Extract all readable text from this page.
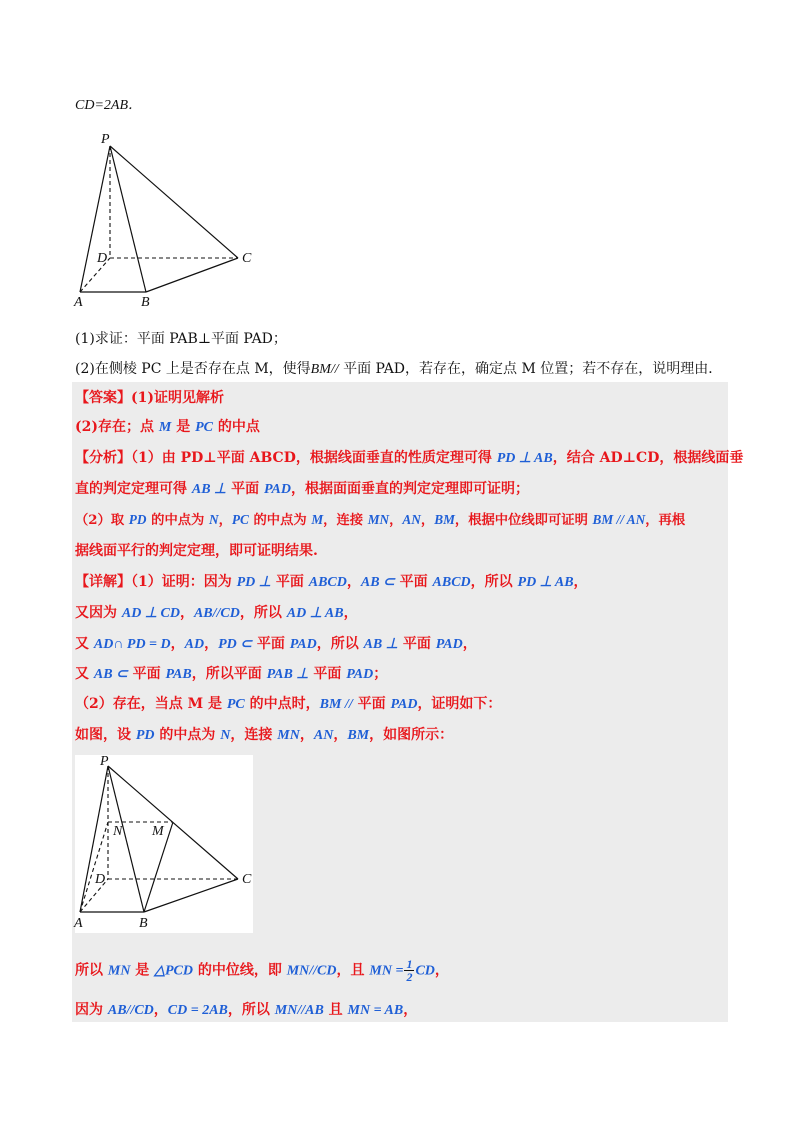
CD=2AB．
P
D	C
A	B
(1)求证：平面 PAB⊥平面 PAD；
(2)在侧棱 PC 上是否存在点 M，使得BM// 平面 PAD，若存在，确定点 M 位置；若不存在，说明理由．
【答案】(1)证明见解析
(2)存在；点 M 是 PC 的中点
【分析】（1）由 PD⊥平面 ABCD，根据线面垂直的性质定理可得 PD ⊥ AB，结合 AD⊥CD，根据线面垂
直的判定定理可得 AB ⊥ 平面 PAD，根据面面垂直的判定定理即可证明；
（2）取 PD 的中点为 N，PC 的中点为 M，连接 MN，AN，BM，根据中位线即可证明 BM // AN，再根
据线面平行的判定定理，即可证明结果.
【详解】（1）证明：因为 PD ⊥ 平面 ABCD，AB ⊂ 平面 ABCD，所以 PD ⊥ AB，
又因为 AD ⊥ CD，AB//CD，所以 AD ⊥ AB，
又 AD∩ PD = D，AD，PD ⊂ 平面 PAD，所以 AB ⊥ 平面 PAD，
又 AB ⊂ 平面 PAB，所以平面 PAB ⊥ 平面 PAD；
（2）存在，当点 M 是 PC 的中点时，BM // 平面 PAD，证明如下：
如图，设 PD 的中点为 N，连接 MN，AN，BM，如图所示：
P
N M
D	C
A	B
所以 MN 是 △PCD 的中位线，即 MN//CD，且 MN = $\frac{1}{2}$ CD，
因为 AB//CD，CD = 2AB，所以 MN//AB 且 MN = AB，
